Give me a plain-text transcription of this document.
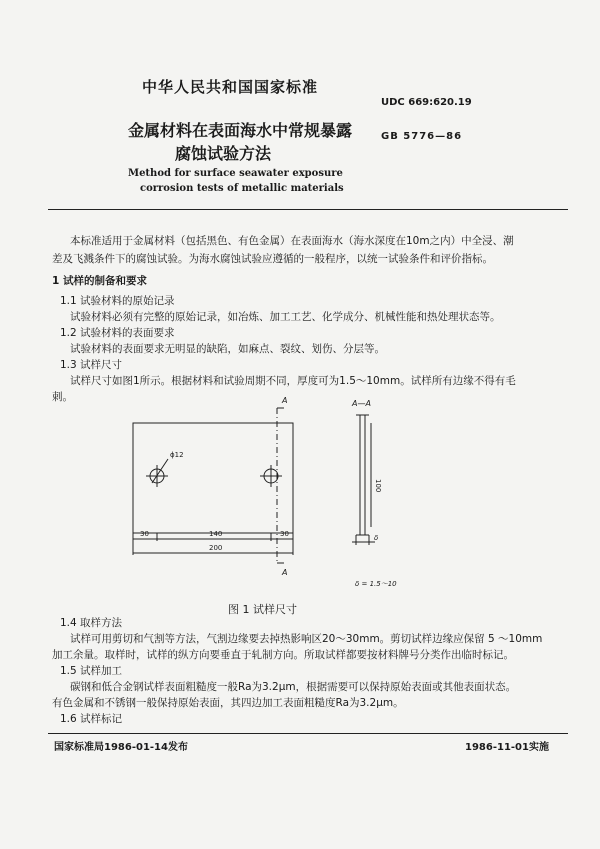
中华人民共和国国家标准
UDC 669:620.19
GB 5776—86
金属材料在表面海水中常规暴露
腐蚀试验方法
Method for surface seawater exposure
corrosion tests of metallic materials
本标准适用于金属材料（包括黑色、有色金属）在表面海水（海水深度在10m之内）中全浸、潮
差及飞溅条件下的腐蚀试验。为海水腐蚀试验应遵循的一般程序，以统一试验条件和评价指标。
1 试样的制备和要求
1.1 试验材料的原始记录
试验材料必须有完整的原始记录，如冶炼、加工工艺、化学成分、机械性能和热处理状态等。
1.2 试验材料的表面要求
试验材料的表面要求无明显的缺陷，如麻点、裂纹、划伤、分层等。
1.3 试样尺寸
试样尺寸如图1所示。根据材料和试验周期不同，厚度可为1.5～10mm。试样所有边缘不得有毛
刺。	A
A
ϕ12
30	140	30
200
A—A
100
δ
δ = 1.5～10
图 1 试样尺寸
1.4 取样方法
试样可用剪切和气割等方法，气割边缘要去掉热影响区20～30mm。剪切试样边缘应保留 5 ～10mm
加工余量。取样时，试样的纵方向要垂直于轧制方向。所取试样都要按材料牌号分类作出临时标记。
1.5 试样加工
碳钢和低合金钢试样表面粗糙度一般Ra为3.2μm，根据需要可以保持原始表面或其他表面状态。
有色金属和不锈钢一般保持原始表面，其四边加工表面粗糙度Ra为3.2μm。
1.6 试样标记
国家标准局1986-01-14发布	1986-11-01实施
